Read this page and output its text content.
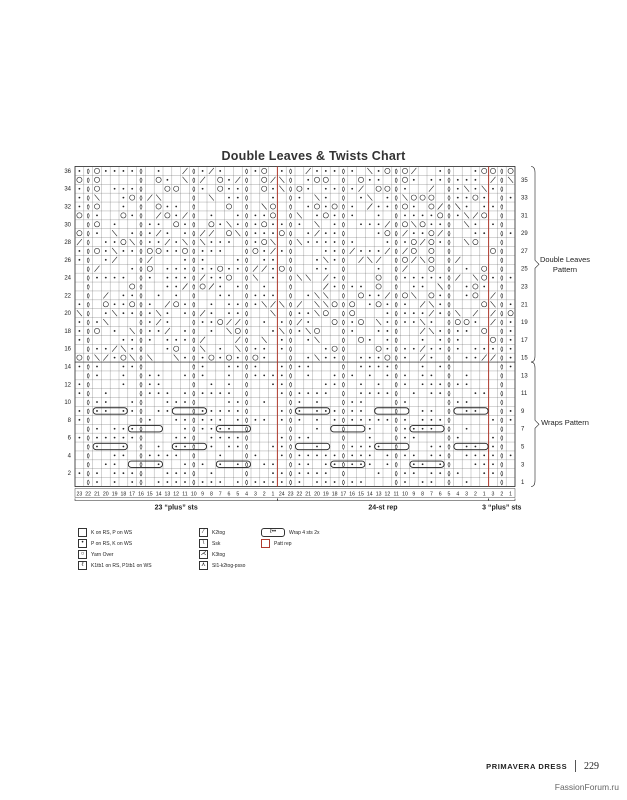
Double Leaves & Twists Chart
36
34
32
30
28
26
24
22
20
18
16
14
12
10
8
6
4
2
35
33
31
29
27
25
23
21
19
17
15
13
11
9
7
5
3
1
23 22 21 20 19 18 17 16 15 14 13 12 11 10 9 8 7 6 5 4 3 2 1 24 23 22 21 20 19 18 17 16 15 14 13 12 11 10 9 8 7 6 5 4 3 2 1 3 2 1
23 “plus” sts	24-st rep	3 “plus” sts
Double Leaves
Pattern
Wraps Pattern
K on RS, P on WS
•	P on RS, K on WS
○	Yarn Over
ℓ	K1tb1 on RS, P1tb1 on WS
⁄	K2tog
\	Ssk
⋌	K3tog
⋏	Sl1-k2tog-psso
ℓ••	Wrap 4 sts 2x
Patt rep
PRIMAVERA DRESS 229
FassionForum.ru
